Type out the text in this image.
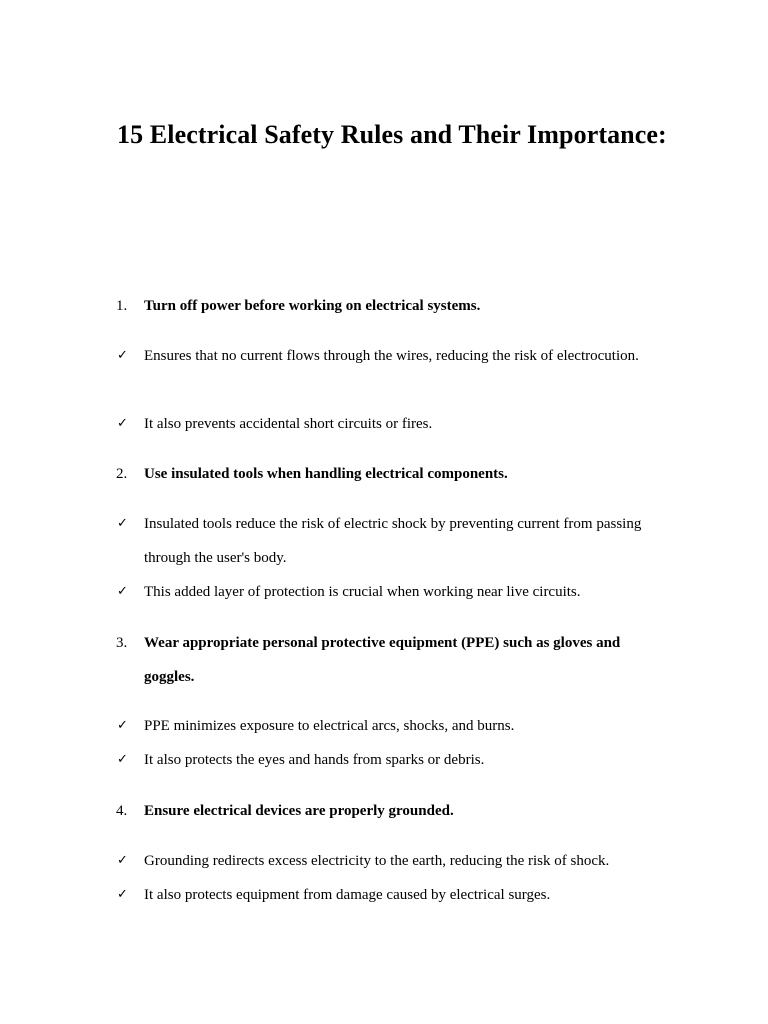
15 Electrical Safety Rules and Their Importance:
1.	Turn off power before working on electrical systems.
✓	Ensures that no current flows through the wires, reducing the risk of electrocution.
✓	It also prevents accidental short circuits or fires.
2.	Use insulated tools when handling electrical components.
✓	Insulated tools reduce the risk of electric shock by preventing current from passing through the user's body.
✓	This added layer of protection is crucial when working near live circuits.
3.	Wear appropriate personal protective equipment (PPE) such as gloves and goggles.
✓	PPE minimizes exposure to electrical arcs, shocks, and burns.
✓	It also protects the eyes and hands from sparks or debris.
4.	Ensure electrical devices are properly grounded.
✓	Grounding redirects excess electricity to the earth, reducing the risk of shock.
✓	It also protects equipment from damage caused by electrical surges.
